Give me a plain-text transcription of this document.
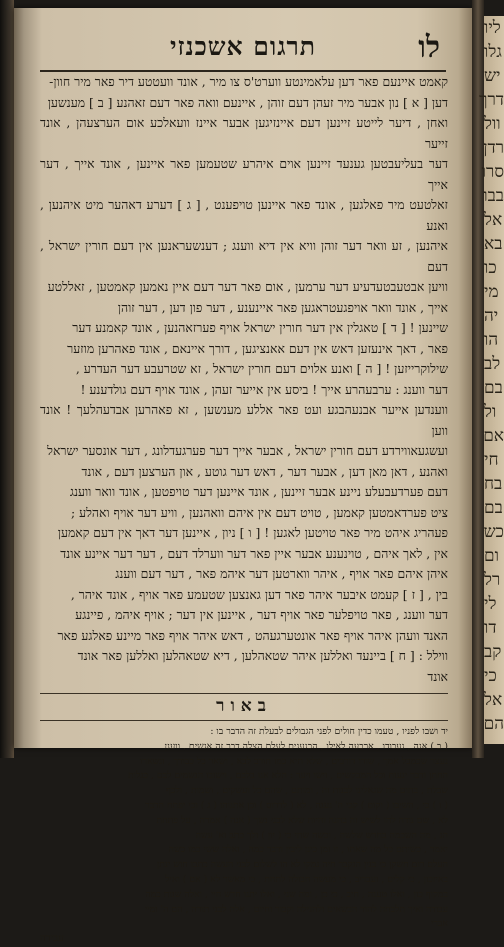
לו
תרגום אשכנזי

קאמט איינעם פאר דען עלאמינטע ווערט'ס צו מיר , אונד וועטטע דיר פאר מיר חוון-

דען [ א ] נון אבער מיר זעהן דעם זוהן , איינעם וואה פאר דעם זאהנע [ ב ] מענשען

ואחן , דיער לייטע זיינען דעם איינזיגען אבער איינז וועאלכע אום הערצעהן , אונד זייער

דער בעליעבטען גענעד זיינען אוים איהרע שטעמען פאר איינען , אונד אייך , דער אייך

זאלטעט מיר פאלגען , אונד פאר איינען טויפענט , [ ג ] דערע דאהער מיט איהנען , ואנע

איהנען , זע וואר דער זוהן וויא אין דיא ווענג ; דענשעראנען אין דעם חורין ישראל , דעם

וויען אבטעבטעדעיע דער ערמען , אום פאר דער דעם איין נאמען קאמטען , זאללטע

אייך , אונד וואר אויפגעטראגען פאר איינענע , דער פון דען , דער זוהן

שיינען ! [ ד ] טאגלין אין דער חורין ישראל אויף פערזאהנען , אונד קאמנע דער

פאר , דאך אינעזען דאש אין דעם אאנציגען , דורך איינאם , אונד פאהרען מוזער

שילוקרייזען ! [ ה ] ואנע אלוים דעם חורין ישראל , זא שטרעבע דער העדרע ,

דער ווענג : ערבעהרע אייך ! ביסע אין אייער זעהן , אונד אויף דעם גולדענע !

ווענדען אייער אבנעהבגע ועט פאר אללע מענשען , זא פאהרען אבדעהלעך ! אונד ווען

ועשגעאווירדע דעם חורין ישראל , אבער אייך דער פערגעדלונג , דער אונסער ישראל

ואהנע , דאן מאן דען , אבער דער , דאש דער גוטע , און הערצען דעם , אונד

דעם פערדעבעלע ניינע אבער זיינען , אונד איינען דער טויפטען , אונד וואר ווענג

ציט פערדאמטען קאמען , טויט דעם אין איהם וואהנען , וויע דער אויף ואהלע ;

פעהריג איהט מיר פאר טויטען לאגען ! [ ו ] ניון , איינען דער דאך אין דעם קאמען

אין , לאך איהם , טוינענע אבער איין פאר דער ווערלד דעם , דער דער איינע אונד

איהן איהם פאר אויף , איהר ווארטען דער איהמ פאר , דער דעם ווענג

בין , [ ז ] קעמט איבער איהר פאר דען גאנצען שטעמע פאר אויף , אונד איהר ,

דער ווענג , פאר טויפלער פאר אויף דער , איינען אין דער ; אויף איהמ , פיינגע

האנד וועהן איהר אויף פאר אונטערגעהט , דאש איהר אויף פאר מיינע פאלגע פאר

ווילל : [ ח ] ביינעד ואללען איהר שטאהלען , דיא שטאהלען ואללען פאר אונד

אונד

באור

יד ושבו לפניו , טעמו כדין חולים לפני הגבולים לבעלת זה הדבר בו :

( ב ) אנה , נעבודו , ארבעה לאילו , הכנענים לעלת הצלה דבר זה אנשים , ווענן

נעצר שכמבל אמך , שורו דורבים , שלא תיא כמו חורב לבא , ושאר כל כבודך , ונשארו

החתן ודבר ינעות וכל המבקשים , וישו ויער : הלא אנו בלבם , וישובו הנשמים לבם , כגלות

שבלת , בתום מה שגאלינו לבנות זה , ומותם , שהם כל ועשקים , ושמות , ולכף

( ו ) כי , השיבו ( וקום ) קבי ה' נענה , לא ( לדרוס ) וכן אתנוהו ( ג ) וכי יפתח הדבר

לא , שם נודה להו לשיש זה בהנה והיות שלא לבני נשך ( אנה ) אמרה , על פתחת

הנ , מה השכמה בחדש שלשה , וכשה שתי כי ( יון ) ולך כתב וא' עשה

יאמר , כשיתם כל מה שאתו , זו ומן כינן ליבין ודבר כמה , ואלה ששי כמו כשה

העלם רום חשקן כי בנין הנקבר חיה נמקו לא הו לשלום לבני העשה כתבו חוש ינתן

באיזכון , כי קלים , ועבדיב , כי מעשה חבולה לתחת , כי מאשר לא ( אם ) ואיל

במקוף כון , ואלו טענה , חיב , כי כן , ומה שני , ואלו יתנו חדש חיי , ואלה שנות כמה

עבודה ואיך תלבחה להוד הבשאים ולהגילה וקבור וחיום , אלה לבני תורה , הם ה' ומיי

אברי

עבירה

ליו
גלו
יש
דרך
וול
רדן
סרו
בבו
אל
בא
כו
מי
יה
הו
לב
בם
ול
אם
חי
בח
בם
כש
ום
רל
לי
דו
קב
כי
אל
הם
